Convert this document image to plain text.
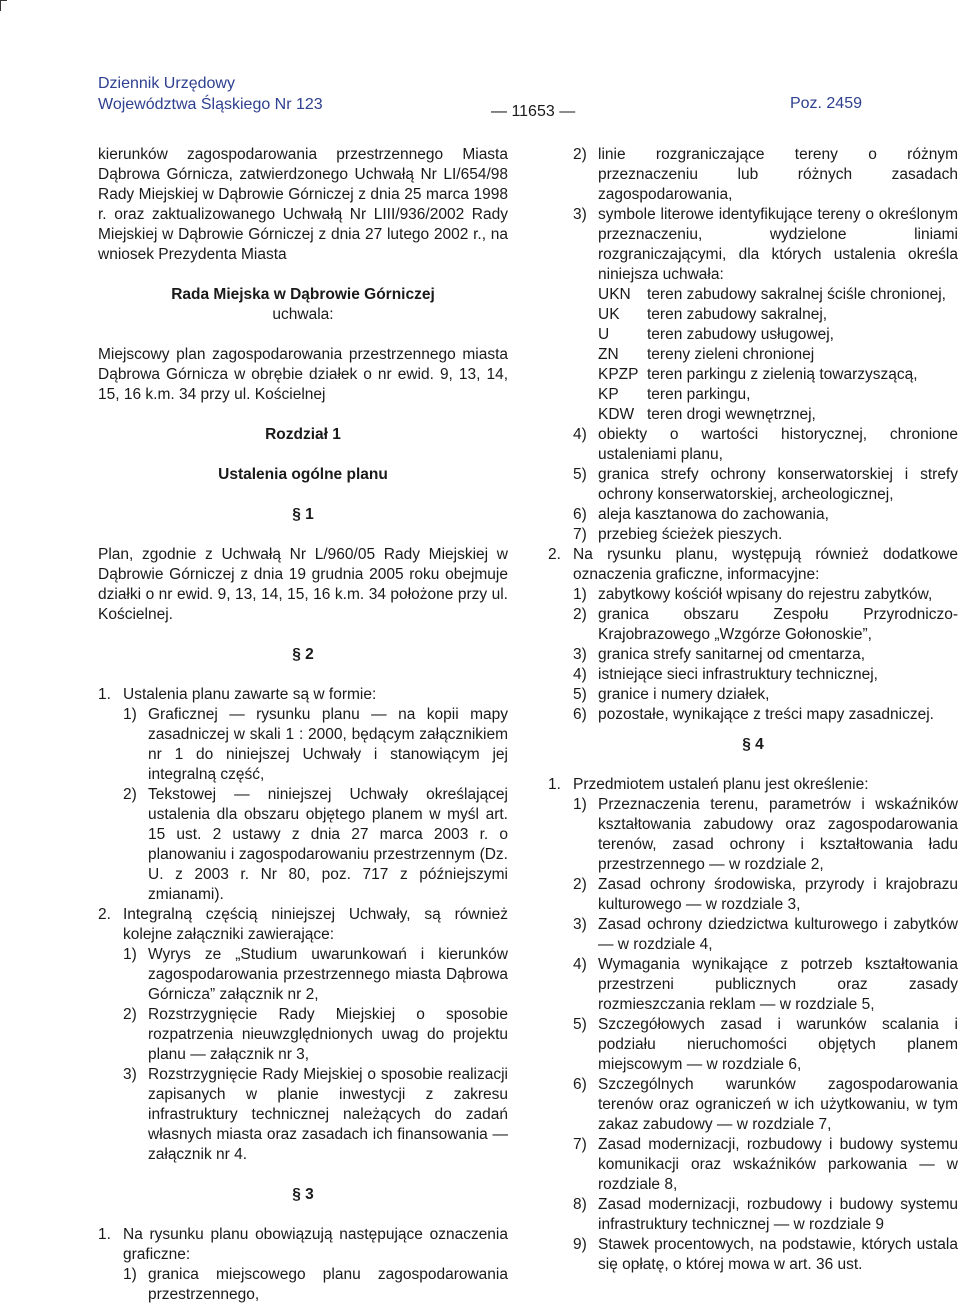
Dziennik Urzędowy
Województwa Śląskiego Nr 123	— 11653 —	Poz. 2459

kierunków zagospodarowania przestrzennego Miasta Dąbrowa Górnicza, zatwierdzonego Uchwałą Nr LI/654/98 Rady Miejskiej w Dąbrowie Górniczej z dnia 25 marca 1998 r. oraz zaktualizowanego Uchwałą Nr LIII/936/2002 Rady Miejskiej w Dąbrowie Górniczej z dnia 27 lutego 2002 r., na wniosek Prezydenta Miasta

Rada Miejska w Dąbrowie Górniczej

uchwala:

Miejscowy plan zagospodarowania przestrzennego miasta Dąbrowa Górnicza w obrębie działek o nr ewid. 9, 13, 14, 15, 16 k.m. 34 przy ul. Kościelnej

Rozdział 1

Ustalenia ogólne planu

§ 1

Plan, zgodnie z Uchwałą Nr L/960/05 Rady Miejskiej w Dąbrowie Górniczej z dnia 19 grudnia 2005 roku obejmuje działki o nr ewid. 9, 13, 14, 15, 16 k.m. 34 położone przy ul. Kościelnej.

§ 2

1. Ustalenia planu zawarte są w formie:
1) Graficznej — rysunku planu — na kopii mapy zasadniczej w skali 1 : 2000, będącym załącznikiem nr 1 do niniejszej Uchwały i stanowiącym jej integralną część,
2) Tekstowej — niniejszej Uchwały określającej ustalenia dla obszaru objętego planem w myśl art. 15 ust. 2 ustawy z dnia 27 marca 2003 r. o planowaniu i zagospodarowaniu przestrzennym (Dz. U. z 2003 r. Nr 80, poz. 717 z późniejszymi zmianami).
2. Integralną częścią niniejszej Uchwały, są również kolejne załączniki zawierające:
1) Wyrys ze „Studium uwarunkowań i kierunków zagospodarowania przestrzennego miasta Dąbrowa Górnicza” załącznik nr 2,
2) Rozstrzygnięcie Rady Miejskiej o sposobie rozpatrzenia nieuwzględnionych uwag do projektu planu — załącznik nr 3,
3) Rozstrzygnięcie Rady Miejskiej o sposobie realizacji zapisanych w planie inwestycji z zakresu infrastruktury technicznej należących do zadań własnych miasta oraz zasadach ich finansowania — załącznik nr 4.

§ 3

1. Na rysunku planu obowiązują następujące oznaczenia graficzne:
1) granica miejscowego planu zagospodarowania przestrzennego,
2) linie rozgraniczające tereny o różnym przeznaczeniu lub różnych zasadach zagospodarowania,
3) symbole literowe identyfikujące tereny o określonym przeznaczeniu, wydzielone liniami rozgraniczającymi, dla których ustalenia określa niniejsza uchwała:
UKN teren zabudowy sakralnej ściśle chronionej,
UK teren zabudowy sakralnej,
U teren zabudowy usługowej,
ZN tereny zieleni chronionej
KPZP teren parkingu z zielenią towarzyszącą,
KP teren parkingu,
KDW teren drogi wewnętrznej,
4) obiekty o wartości historycznej, chronione ustaleniami planu,
5) granica strefy ochrony konserwatorskiej i strefy ochrony konserwatorskiej, archeologicznej,
6) aleja kasztanowa do zachowania,
7) przebieg ścieżek pieszych.
2. Na rysunku planu, występują również dodatkowe oznaczenia graficzne, informacyjne:
1) zabytkowy kościół wpisany do rejestru zabytków,
2) granica obszaru Zespołu Przyrodniczo-Krajobrazowego „Wzgórze Gołonoskie”,
3) granica strefy sanitarnej od cmentarza,
4) istniejące sieci infrastruktury technicznej,
5) granice i numery działek,
6) pozostałe, wynikające z treści mapy zasadniczej.

§ 4

1. Przedmiotem ustaleń planu jest określenie:
1) Przeznaczenia terenu, parametrów i wskaźników kształtowania zabudowy oraz zagospodarowania terenów, zasad ochrony i kształtowania ładu przestrzennego — w rozdziale 2,
2) Zasad ochrony środowiska, przyrody i krajobrazu kulturowego — w rozdziale 3,
3) Zasad ochrony dziedzictwa kulturowego i zabytków — w rozdziale 4,
4) Wymagania wynikające z potrzeb kształtowania przestrzeni publicznych oraz zasady rozmieszczania reklam — w rozdziale 5,
5) Szczegółowych zasad i warunków scalania i podziału nieruchomości objętych planem miejscowym — w rozdziale 6,
6) Szczególnych warunków zagospodarowania terenów oraz ograniczeń w ich użytkowaniu, w tym zakaz zabudowy — w rozdziale 7,
7) Zasad modernizacji, rozbudowy i budowy systemu komunikacji oraz wskaźników parkowania — w rozdziale 8,
8) Zasad modernizacji, rozbudowy i budowy systemu infrastruktury technicznej — w rozdziale 9
9) Stawek procentowych, na podstawie, których ustala się opłatę, o której mowa w art. 36 ust.
